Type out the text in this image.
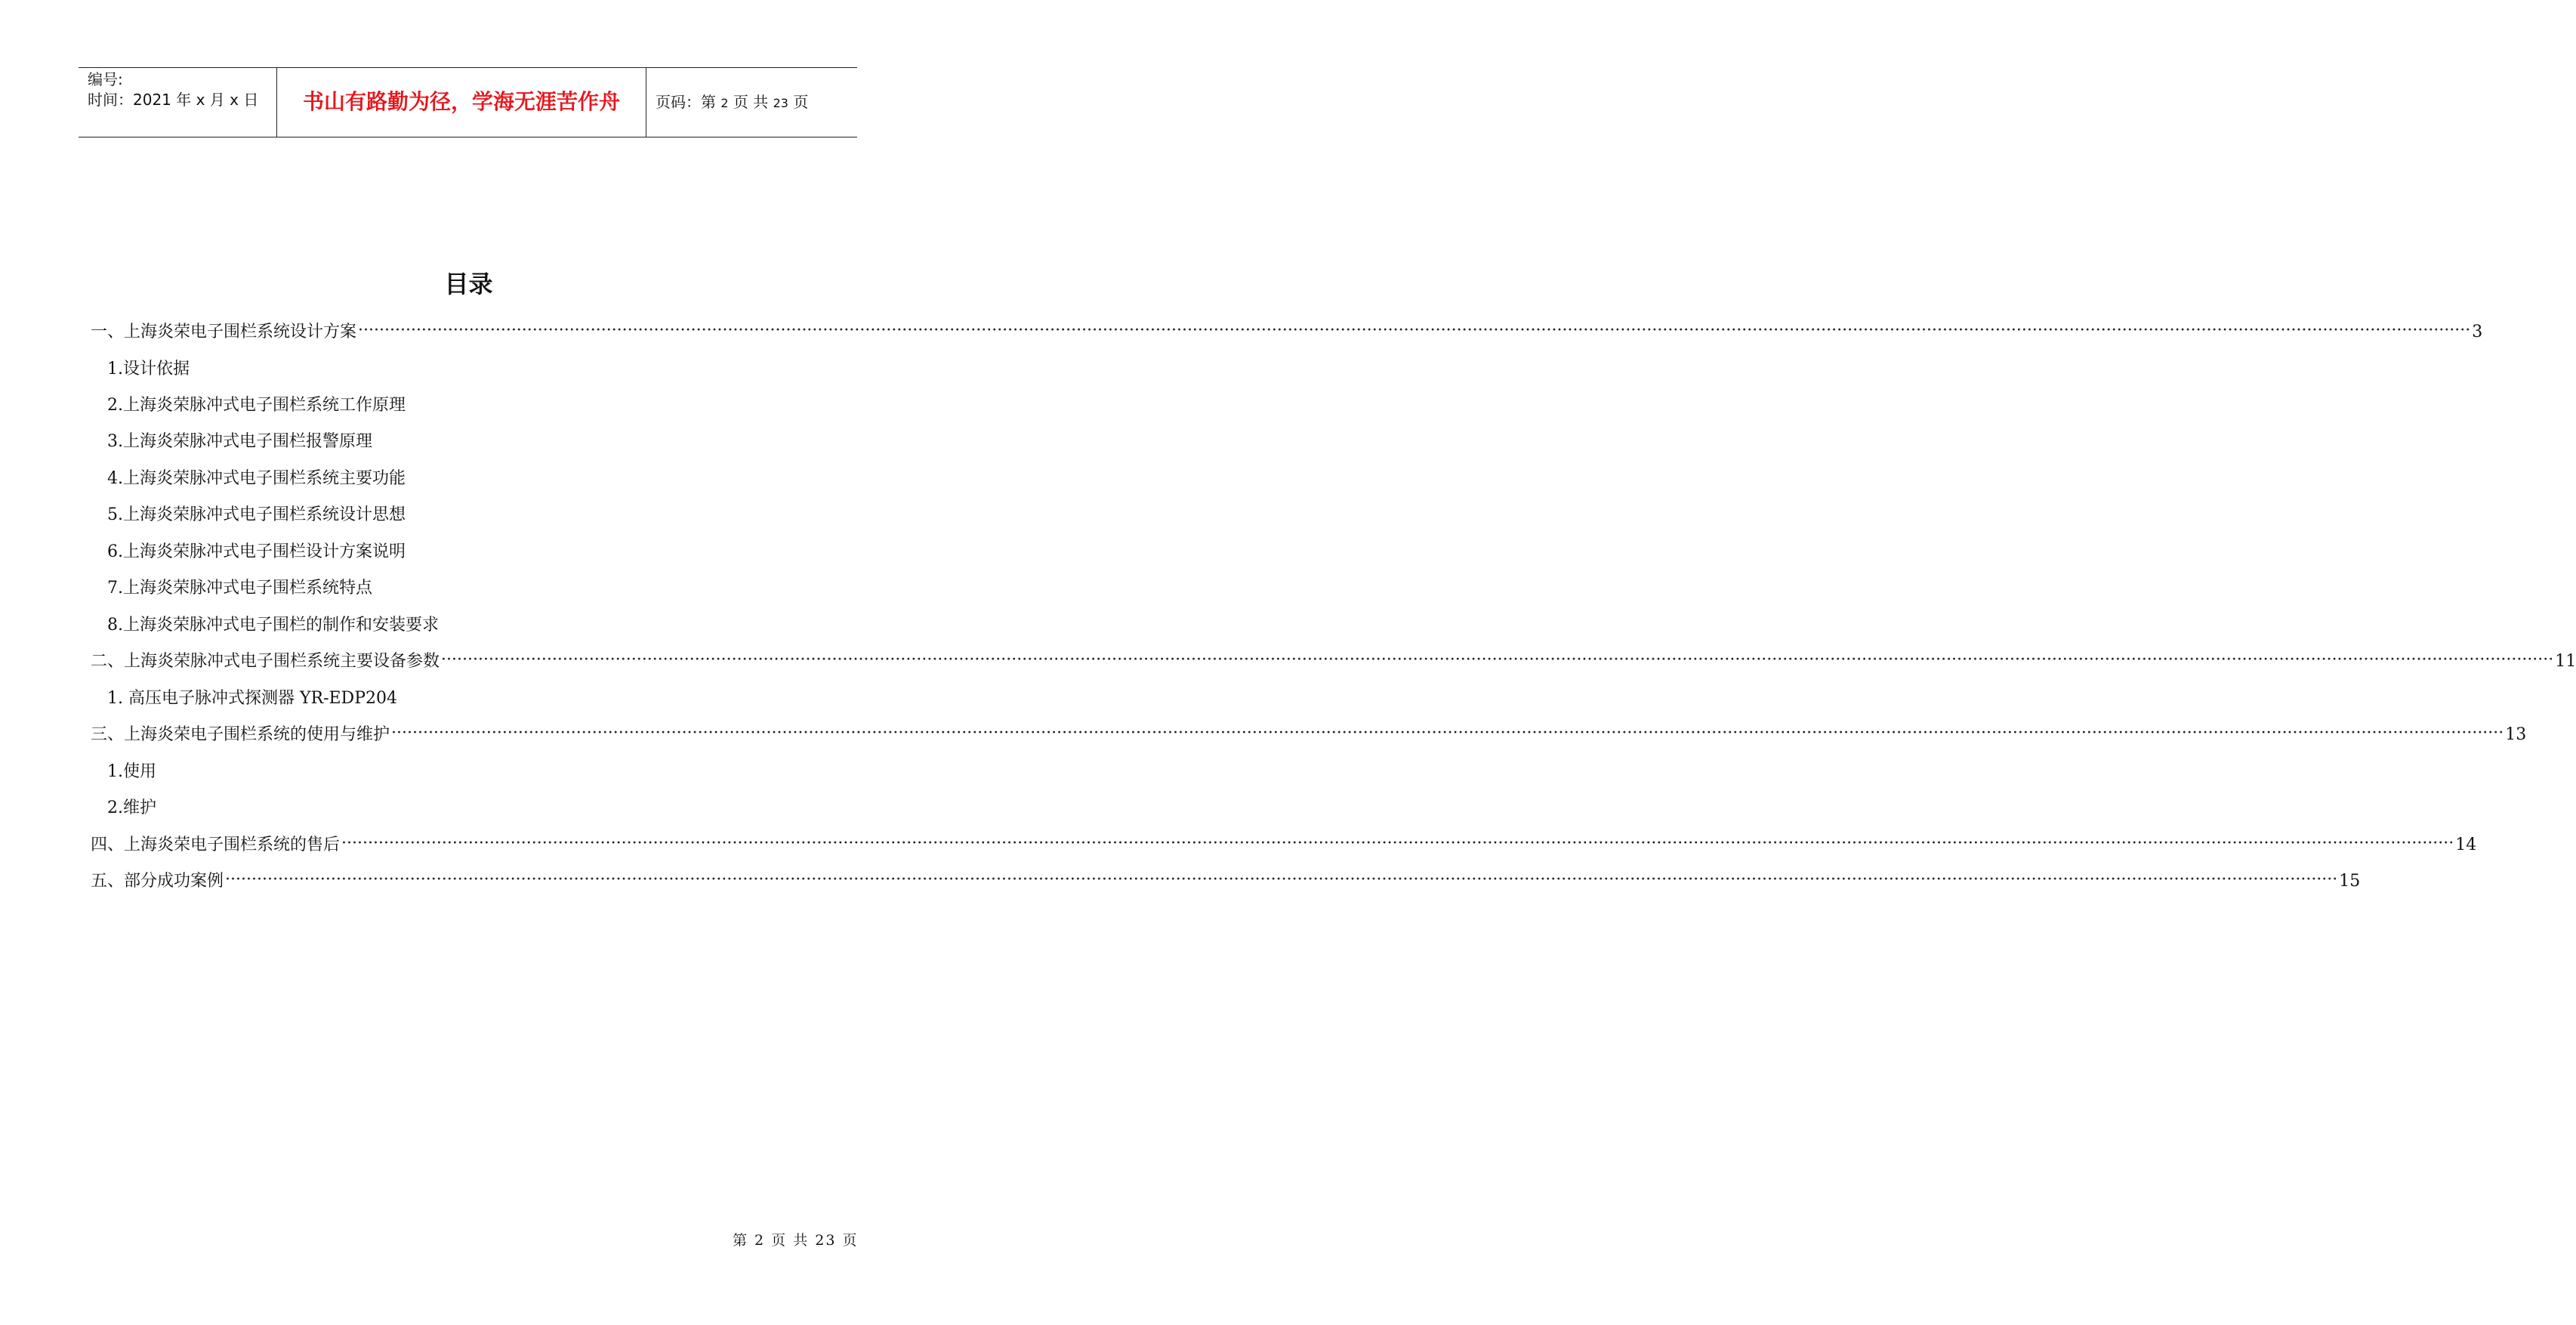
编号:
时间：2021 年 x 月 x 日	书山有路勤为径，学海无涯苦作舟	页码：第 2 页 共 23 页
目录
一、上海炎荣电子围栏系统设计方案 ················································································································································································································································································································································································································ 3
1.设计依据
2.上海炎荣脉冲式电子围栏系统工作原理
3.上海炎荣脉冲式电子围栏报警原理
4.上海炎荣脉冲式电子围栏系统主要功能
5.上海炎荣脉冲式电子围栏系统设计思想
6.上海炎荣脉冲式电子围栏设计方案说明
7.上海炎荣脉冲式电子围栏系统特点
8.上海炎荣脉冲式电子围栏的制作和安装要求
二、上海炎荣脉冲式电子围栏系统主要设备参数 ················································································································································································································································································································································································································ 11
1. 高压电子脉冲式探测器 YR-EDP204
三、上海炎荣电子围栏系统的使用与维护 ················································································································································································································································································································································································································ 13
1.使用
2.维护
四、上海炎荣电子围栏系统的售后 ················································································································································································································································································································································································································ 14
五、部分成功案例 ················································································································································································································································································································································································································ 15
第 2 页 共 23 页
